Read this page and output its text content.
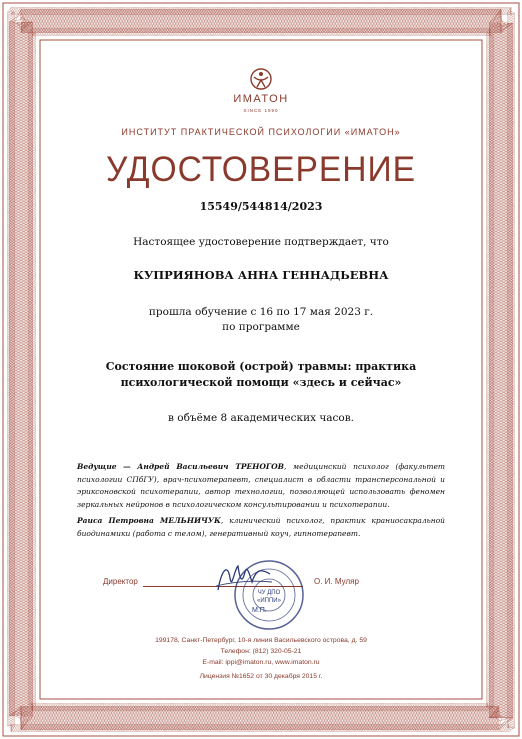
ИМАТОН
SINCE 1990
ИНСТИТУТ ПРАКТИЧЕСКОЙ ПСИХОЛОГИИ «ИМАТОН»
УДОСТОВЕРЕНИЕ
15549/544814/2023
Настоящее удостоверение подтверждает, что
КУПРИЯНОВА АННА ГЕННАДЬЕВНА
прошла обучение с 16 по 17 мая 2023 г.
по программе
Состояние шоковой (острой) травмы: практика
психологической помощи «здесь и сейчас»
в объёме 8 академических часов.
Ведущие — Андрей Васильевич ТРЕНОГОВ, медицинский психолог (факультет психологии СПбГУ), врач-психотерапевт, специалист в области трансперсональной и эриксоновской психотерапии, автор технологии, позволяющей использовать феномен зеркальных нейронов в психологическом консультировании и психотерапии.
Раиса Петровна МЕЛЬНИЧУК, клинический психолог, практик краниосакральной биодинамики (работа с телом), генеративный коуч, гипнотерапевт.
Директор	О. И. Муляр
ЧУ ДПО
«ИППИ»
М.П.
199178, Санкт-Петербург, 10-я линия Васильевского острова, д. 59
Телефон: (812) 320-05-21
E-mail: ippi@imaton.ru, www.imaton.ru
Лицензия №1652 от 30 декабря 2015 г.
